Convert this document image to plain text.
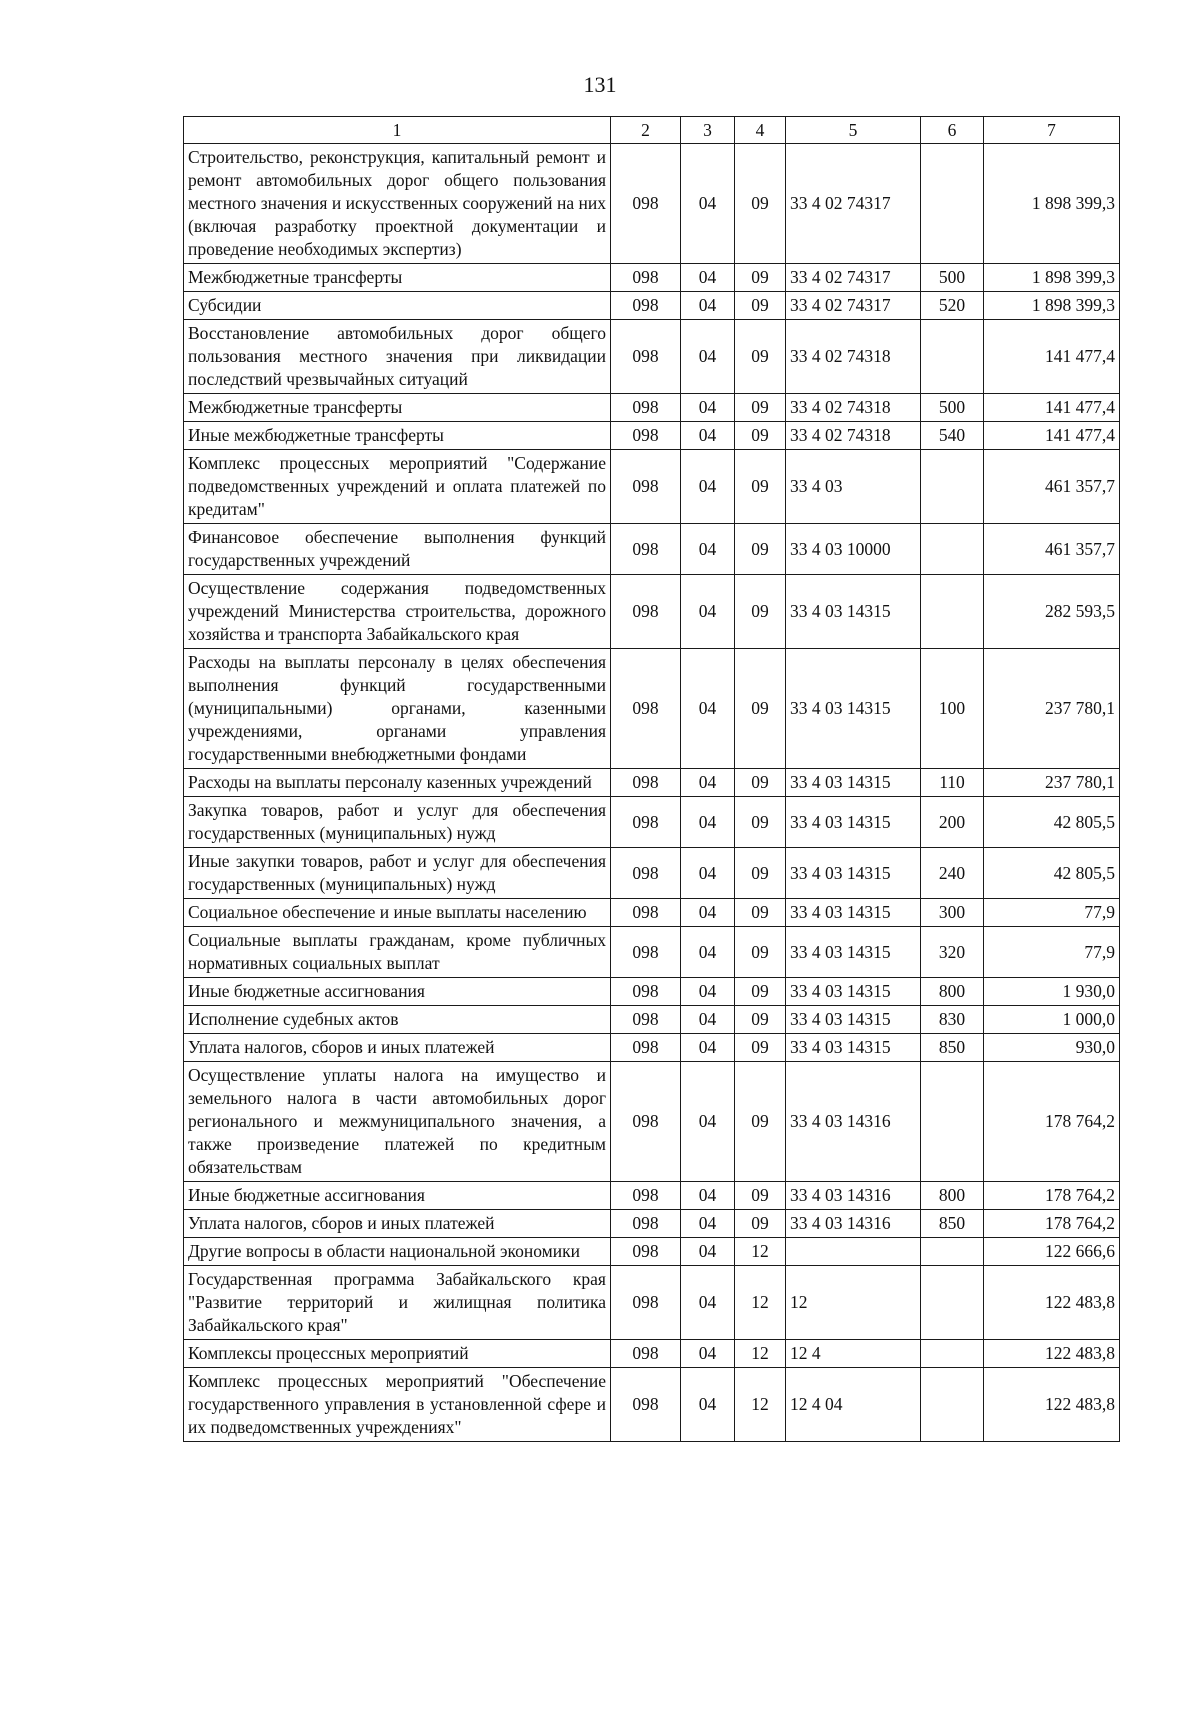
131
1	2	3	4	5	6	7
Строительство, реконструкция, капитальный ремонт и ремонт автомобильных дорог общего пользования местного значения и искусственных сооружений на них (включая разработку проектной документации и проведение необходимых экспертиз)	098	04	09	33 4 02 74317		1 898 399,3
Межбюджетные трансферты	098	04	09	33 4 02 74317	500	1 898 399,3
Субсидии	098	04	09	33 4 02 74317	520	1 898 399,3
Восстановление автомобильных дорог общего пользования местного значения при ликвидации последствий чрезвычайных ситуаций	098	04	09	33 4 02 74318		141 477,4
Межбюджетные трансферты	098	04	09	33 4 02 74318	500	141 477,4
Иные межбюджетные трансферты	098	04	09	33 4 02 74318	540	141 477,4
Комплекс процессных мероприятий "Содержание подведомственных учреждений и оплата платежей по кредитам"	098	04	09	33 4 03		461 357,7
Финансовое обеспечение выполнения функций государственных учреждений	098	04	09	33 4 03 10000		461 357,7
Осуществление содержания подведомственных учреждений Министерства строительства, дорожного хозяйства и транспорта Забайкальского края	098	04	09	33 4 03 14315		282 593,5
Расходы на выплаты персоналу в целях обеспечения выполнения функций государственными (муниципальными) органами, казенными учреждениями, органами управления государственными внебюджетными фондами	098	04	09	33 4 03 14315	100	237 780,1
Расходы на выплаты персоналу казенных учреждений	098	04	09	33 4 03 14315	110	237 780,1
Закупка товаров, работ и услуг для обеспечения государственных (муниципальных) нужд	098	04	09	33 4 03 14315	200	42 805,5
Иные закупки товаров, работ и услуг для обеспечения государственных (муниципальных) нужд	098	04	09	33 4 03 14315	240	42 805,5
Социальное обеспечение и иные выплаты населению	098	04	09	33 4 03 14315	300	77,9
Социальные выплаты гражданам, кроме публичных нормативных социальных выплат	098	04	09	33 4 03 14315	320	77,9
Иные бюджетные ассигнования	098	04	09	33 4 03 14315	800	1 930,0
Исполнение судебных актов	098	04	09	33 4 03 14315	830	1 000,0
Уплата налогов, сборов и иных платежей	098	04	09	33 4 03 14315	850	930,0
Осуществление уплаты налога на имущество и земельного налога в части автомобильных дорог регионального и межмуниципального значения, а также произведение платежей по кредитным обязательствам	098	04	09	33 4 03 14316		178 764,2
Иные бюджетные ассигнования	098	04	09	33 4 03 14316	800	178 764,2
Уплата налогов, сборов и иных платежей	098	04	09	33 4 03 14316	850	178 764,2
Другие вопросы в области национальной экономики	098	04	12			122 666,6
Государственная программа Забайкальского края "Развитие территорий и жилищная политика Забайкальского края"	098	04	12	12		122 483,8
Комплексы процессных мероприятий	098	04	12	12 4		122 483,8
Комплекс процессных мероприятий "Обеспечение государственного управления в установленной сфере и их подведомственных учреждениях"	098	04	12	12 4 04		122 483,8
